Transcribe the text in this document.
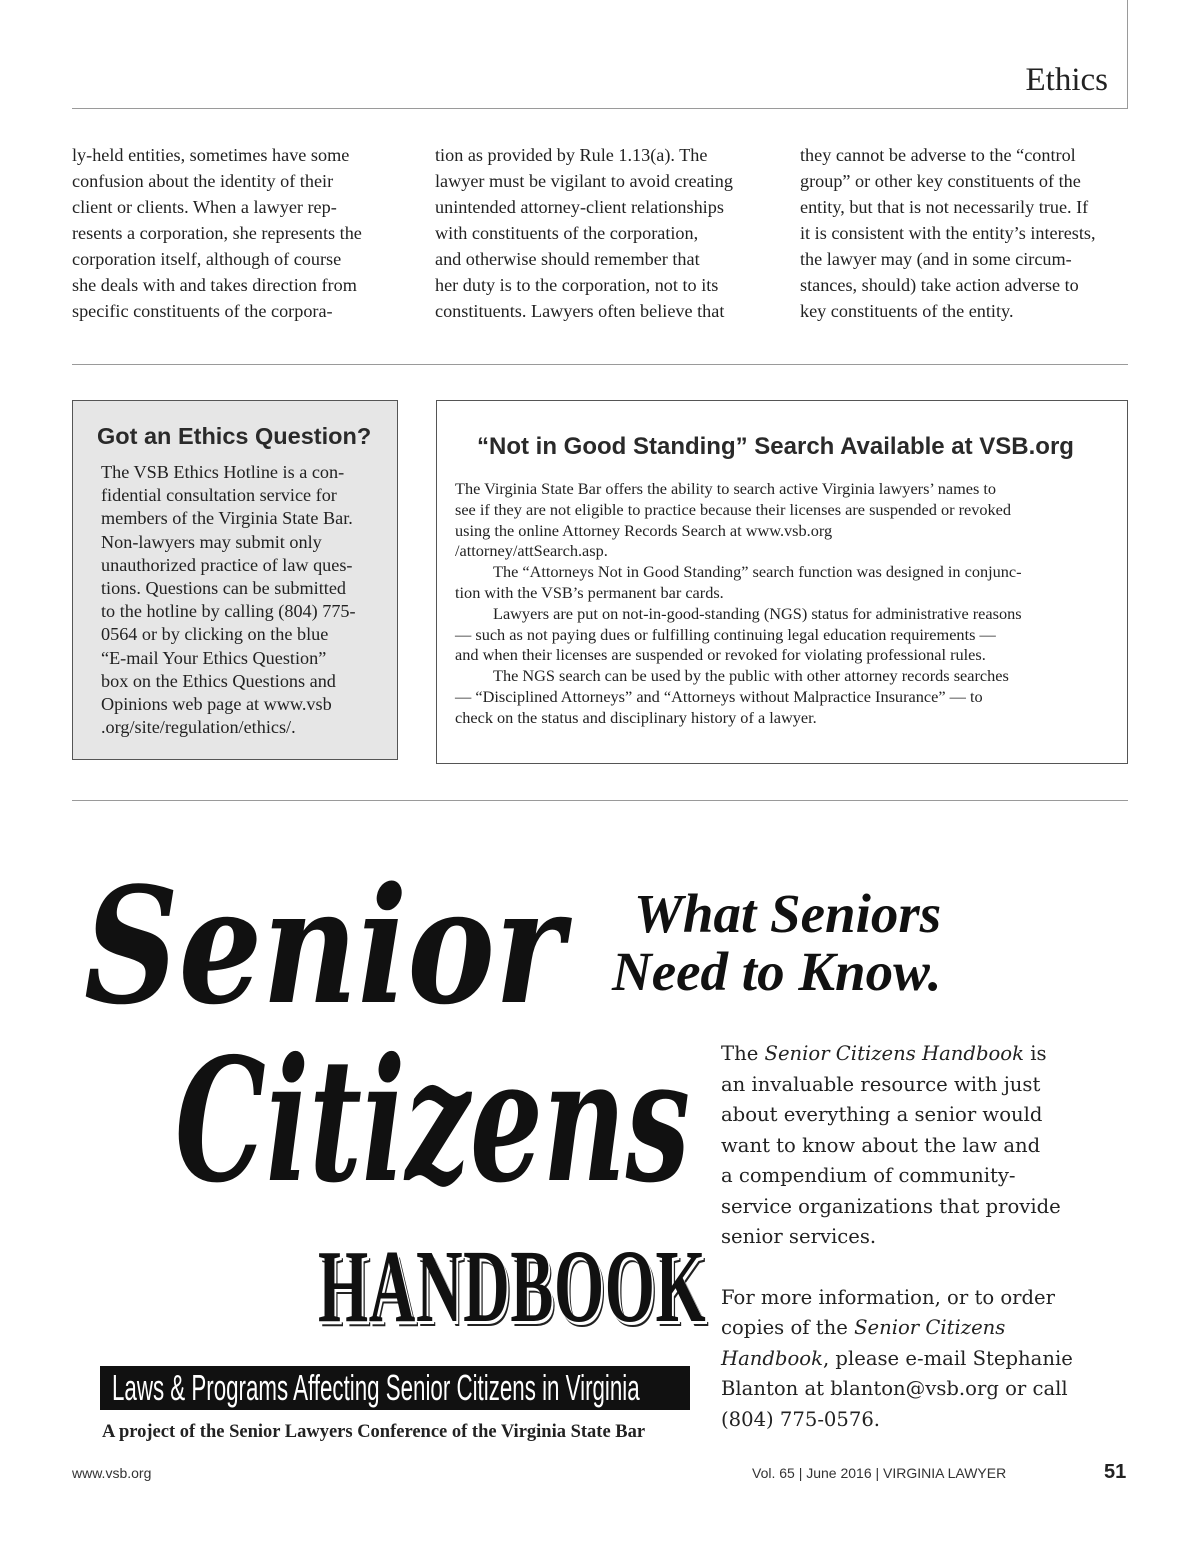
Ethics
ly-held entities, sometimes have some
confusion about the identity of their
client or clients. When a lawyer rep-
resents a corporation, she represents the
corporation itself, although of course
she deals with and takes direction from
specific constituents of the corpora-
tion as provided by Rule 1.13(a). The
lawyer must be vigilant to avoid creating
unintended attorney-client relationships
with constituents of the corporation,
and otherwise should remember that
her duty is to the corporation, not to its
constituents. Lawyers often believe that
they cannot be adverse to the “control
group” or other key constituents of the
entity, but that is not necessarily true. If
it is consistent with the entity’s interests,
the lawyer may (and in some circum-
stances, should) take action adverse to
key constituents of the entity.
Got an Ethics Question?
The VSB Ethics Hotline is a con-
fidential consultation service for
members of the Virginia State Bar.
Non-lawyers may submit only
unauthorized practice of law ques-
tions. Questions can be submitted
to the hotline by calling (804) 775-
0564 or by clicking on the blue
“E-mail Your Ethics Question”
box on the Ethics Questions and
Opinions web page at www.vsb
.org/site/regulation/ethics/.
“Not in Good Standing” Search Available at VSB.org
The Virginia State Bar offers the ability to search active Virginia lawyers’ names to
see if they are not eligible to practice because their licenses are suspended or revoked
using the online Attorney Records Search at www.vsb.org
/attorney/attSearch.asp.
The “Attorneys Not in Good Standing” search function was designed in conjunc-
tion with the VSB’s permanent bar cards.
Lawyers are put on not-in-good-standing (NGS) status for administrative reasons
— such as not paying dues or fulfilling continuing legal education requirements —
and when their licenses are suspended or revoked for violating professional rules.
The NGS search can be used by the public with other attorney records searches
— “Disciplined Attorneys” and “Attorneys without Malpractice Insurance” — to
check on the status and disciplinary history of a lawyer.
Senior
Citizens
HANDBOOK
Laws & Programs Affecting Senior Citizens in Virginia
A project of the Senior Lawyers Conference of the Virginia State Bar
What Seniors
Need to Know.
The Senior Citizens Handbook is
an invaluable resource with just
about everything a senior would
want to know about the law and
a compendium of community-
service organizations that provide
senior services.
For more information, or to order
copies of the Senior Citizens
Handbook, please e-mail Stephanie
Blanton at blanton@vsb.org or call
(804) 775-0576.
www.vsb.org	Vol. 65 | June 2016 | VIRGINIA LAWYER	51
